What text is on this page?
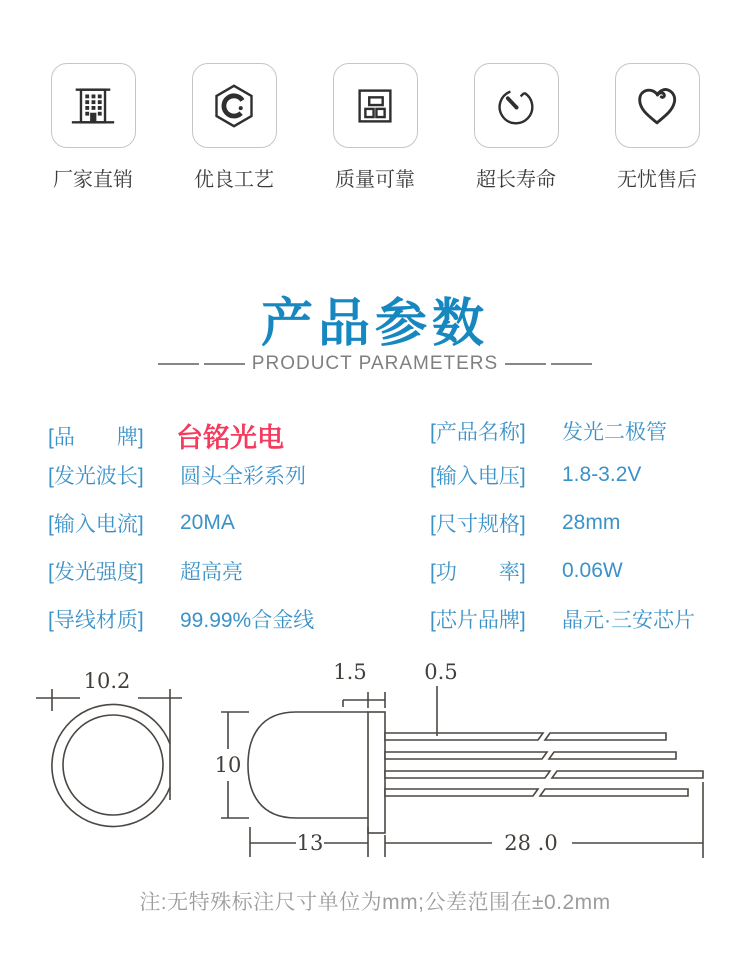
厂家直销	优良工艺	质量可靠	超长寿命	无忧售后
产品参数
PRODUCT PARAMETERS
[品　　牌]	台铭光电
[发光波长]	圆头全彩系列
[输入电流]	20MA
[发光强度]	超高亮
[导线材质]	99.99%合金线
[产品名称]	发光二极管
[输入电压]	1.8-3.2V
[尺寸规格]	28mm
[功　　率]	0.06W
[芯片品牌]	晶元·三安芯片
10.2
10
1.5	0.5
13	28 .0
注:无特殊标注尺寸单位为mm;公差范围在±0.2mm
